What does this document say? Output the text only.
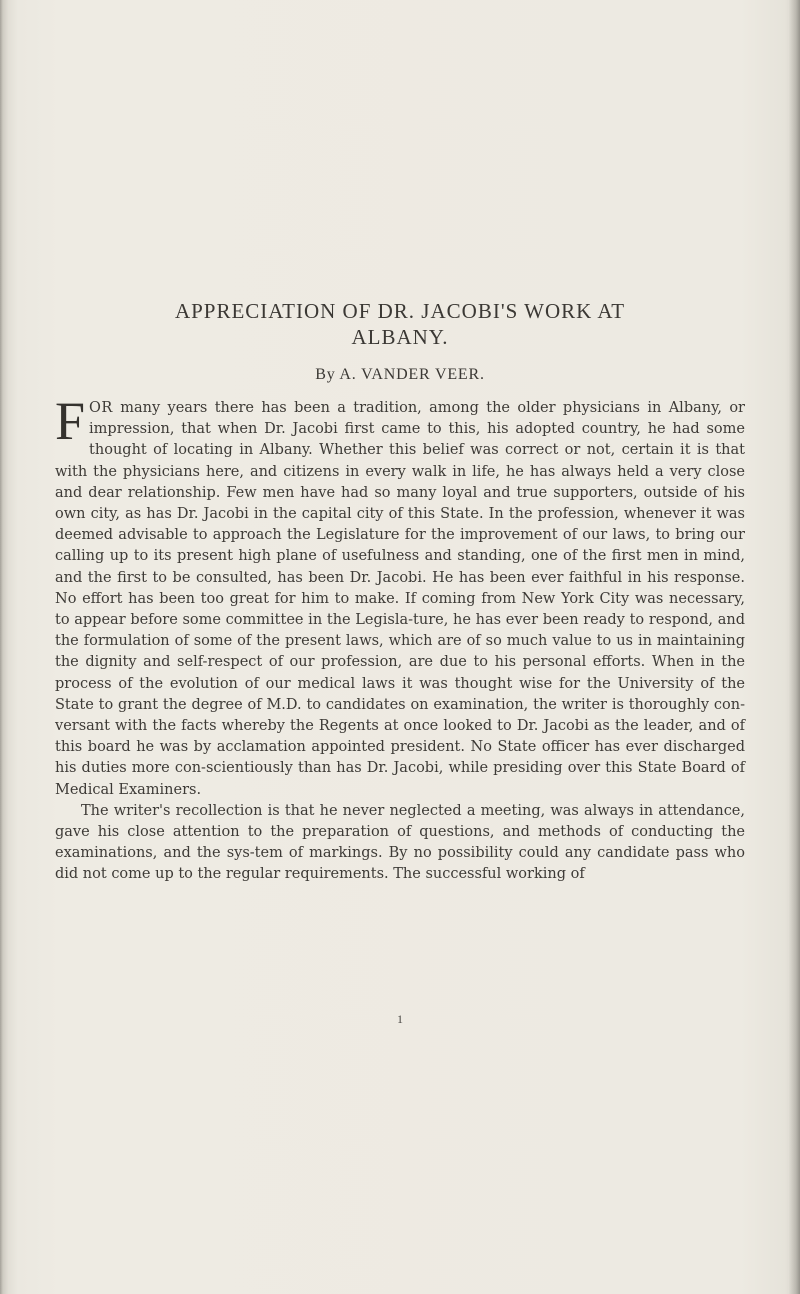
APPRECIATION OF DR. JACOBI'S WORK AT
ALBANY.

By A. VANDER VEER.

FOR many years there has been a tradition, among the older physicians in Albany, or impression, that when Dr. Jacobi first came to this, his adopted country, he had some thought of locating in Albany. Whether this belief was correct or not, certain it is that with the physicians here, and citizens in every walk in life, he has always held a very close and dear relationship. Few men have had so many loyal and true supporters, outside of his own city, as has Dr. Jacobi in the capital city of this State. In the profession, whenever it was deemed advisable to approach the Legislature for the improvement of our laws, to bring our calling up to its present high plane of usefulness and standing, one of the first men in mind, and the first to be consulted, has been Dr. Jacobi. He has been ever faithful in his response. No effort has been too great for him to make. If coming from New York City was necessary, to appear before some committee in the Legisla-ture, he has ever been ready to respond, and the formulation of some of the present laws, which are of so much value to us in maintaining the dignity and self-respect of our profession, are due to his personal efforts. When in the process of the evolution of our medical laws it was thought wise for the University of the State to grant the degree of M.D. to candidates on examination, the writer is thoroughly con-versant with the facts whereby the Regents at once looked to Dr. Jacobi as the leader, and of this board he was by acclamation appointed president. No State officer has ever discharged his duties more con-scientiously than has Dr. Jacobi, while presiding over this State Board of Medical Examiners.

The writer's recollection is that he never neglected a meeting, was always in attendance, gave his close attention to the preparation of questions, and methods of conducting the examinations, and the sys-tem of markings. By no possibility could any candidate pass who did not come up to the regular requirements. The successful working of

1
